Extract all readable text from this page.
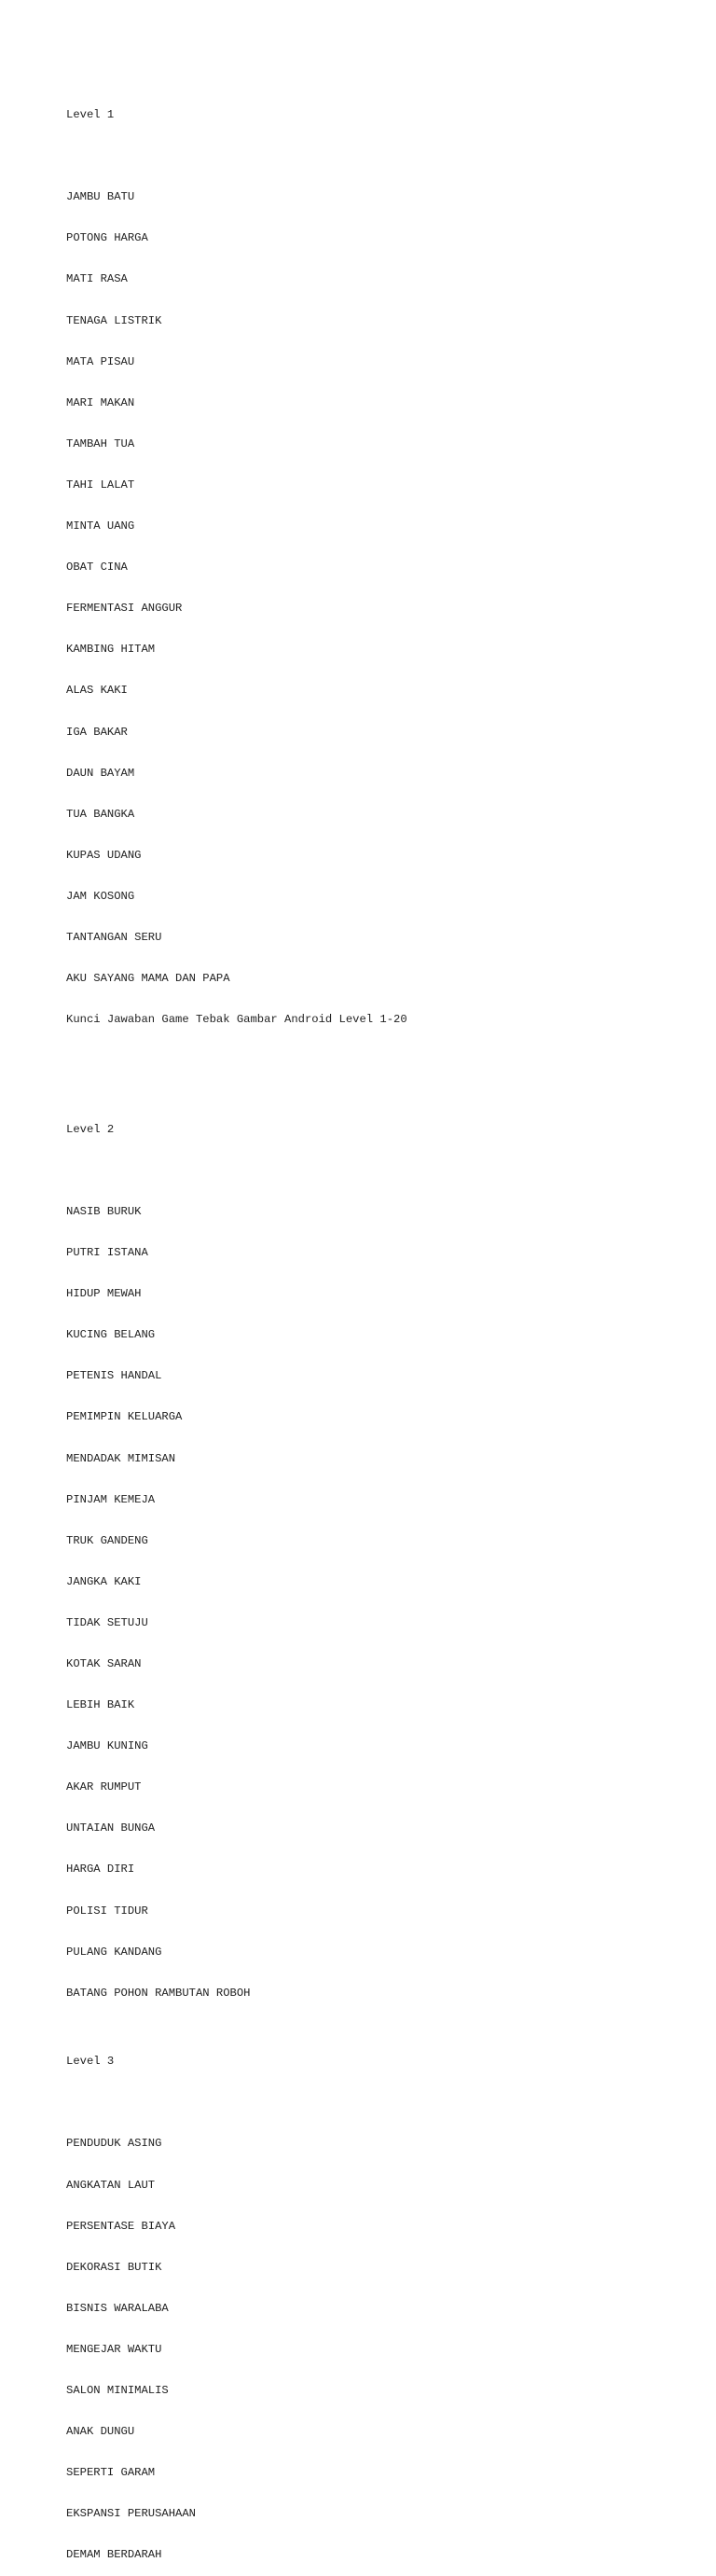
Level 1

JAMBU BATU

POTONG HARGA

MATI RASA

TENAGA LISTRIK

MATA PISAU

MARI MAKAN

TAMBAH TUA

TAHI LALAT

MINTA UANG

OBAT CINA

FERMENTASI ANGGUR

KAMBING HITAM

ALAS KAKI

IGA BAKAR

DAUN BAYAM

TUA BANGKA

KUPAS UDANG

JAM KOSONG

TANTANGAN SERU

AKU SAYANG MAMA DAN PAPA

Kunci Jawaban Game Tebak Gambar Android Level 1-20

Level 2

NASIB BURUK

PUTRI ISTANA

HIDUP MEWAH

KUCING BELANG

PETENIS HANDAL

PEMIMPIN KELUARGA

MENDADAK MIMISAN

PINJAM KEMEJA

TRUK GANDENG

JANGKA KAKI

TIDAK SETUJU

KOTAK SARAN

LEBIH BAIK

JAMBU KUNING

AKAR RUMPUT

UNTAIAN BUNGA

HARGA DIRI

POLISI TIDUR

PULANG KANDANG

BATANG POHON RAMBUTAN ROBOH

Level 3

PENDUDUK ASING

ANGKATAN LAUT

PERSENTASE BIAYA

DEKORASI BUTIK

BISNIS WARALABA

MENGEJAR WAKTU

SALON MINIMALIS

ANAK DUNGU

SEPERTI GARAM

EKSPANSI PERUSAHAAN

DEMAM BERDARAH
